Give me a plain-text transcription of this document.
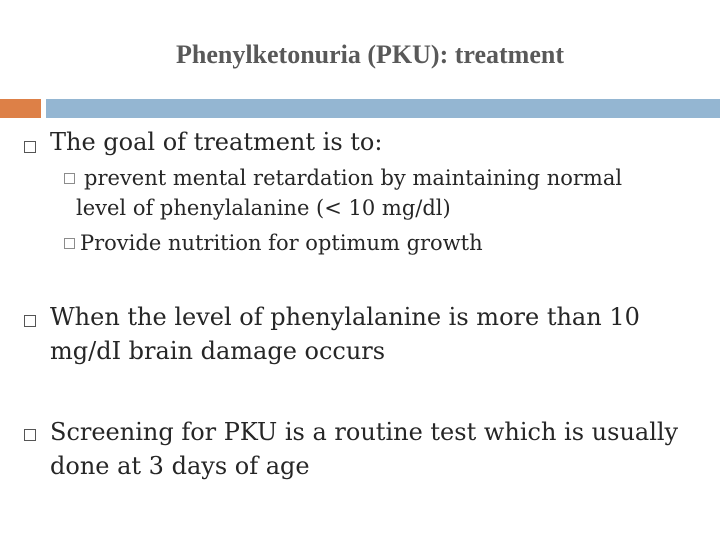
Phenylketonuria (PKU): treatment
The goal of treatment is to:
prevent mental retardation by maintaining normal
level of phenylalanine (< 10 mg/dl)
Provide nutrition for optimum growth
When the level of phenylalanine is more than 10
mg/dI brain damage occurs
Screening for PKU is a routine test which is usually
done at 3 days of age
